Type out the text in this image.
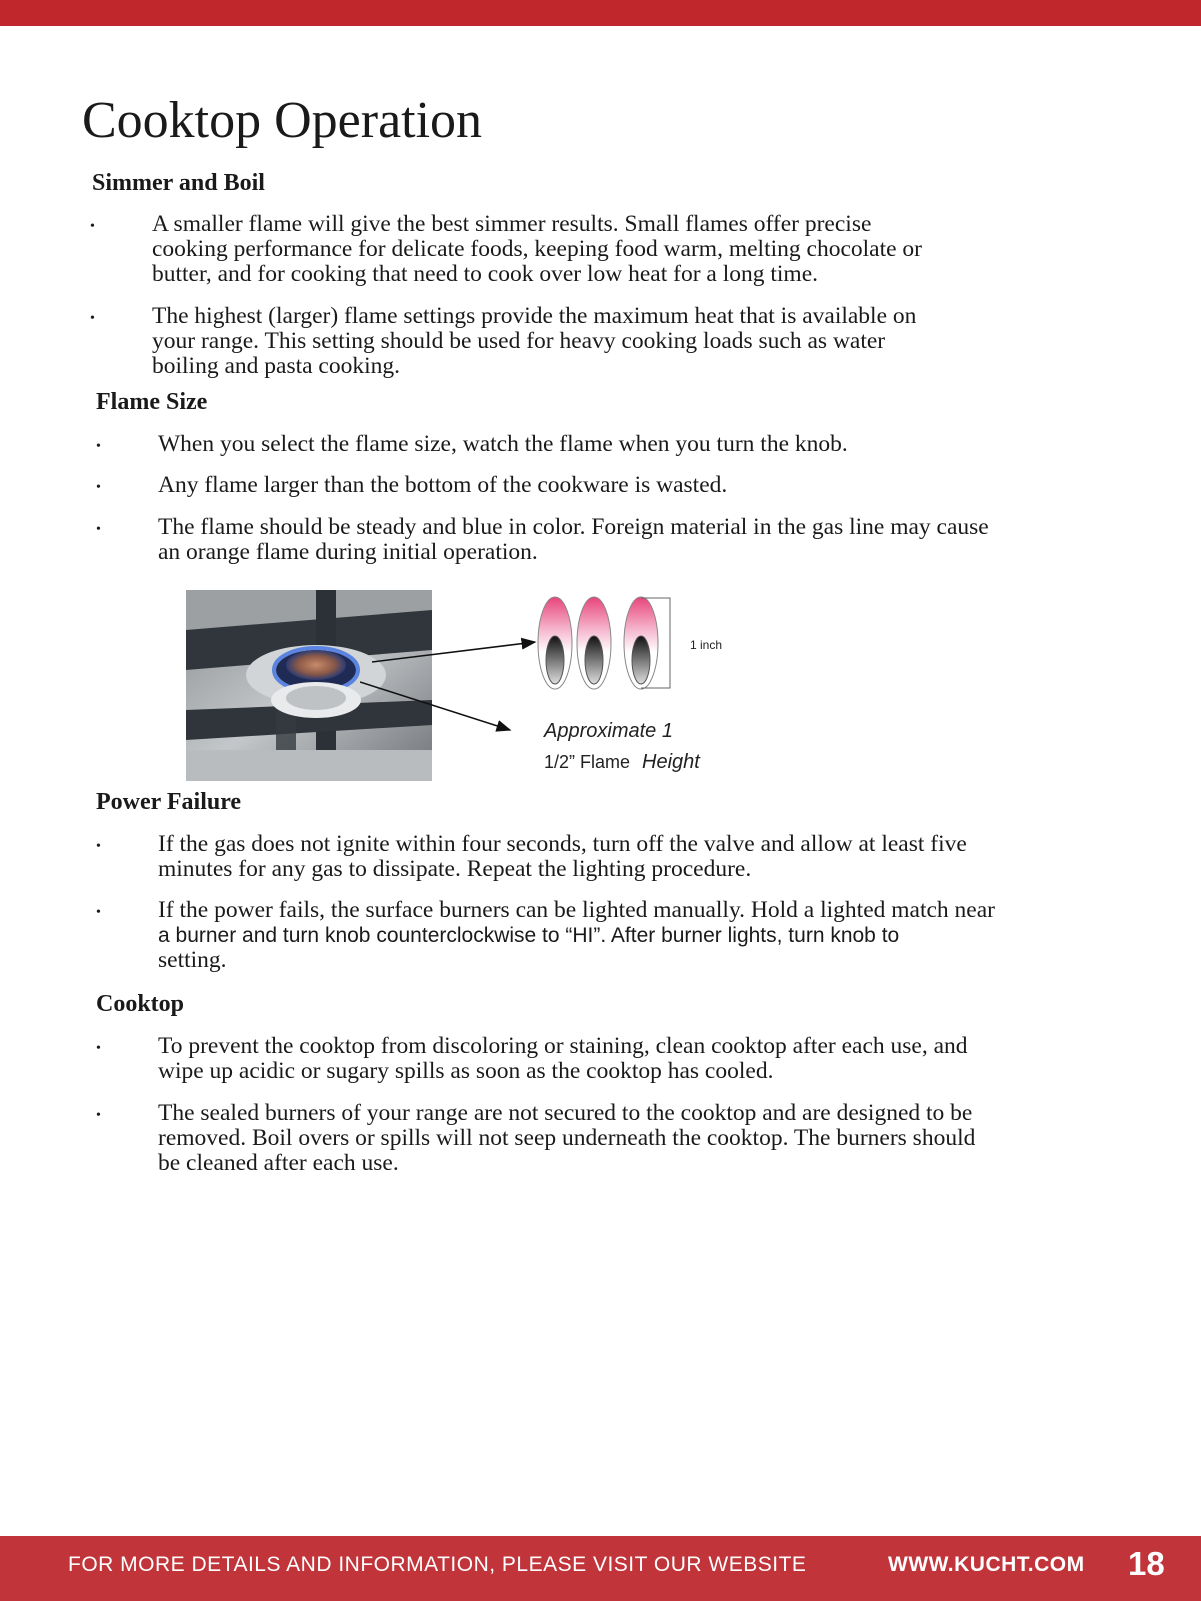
Cooktop Operation
Simmer and Boil
• A smaller flame will give the best simmer results. Small flames offer precise
cooking performance for delicate foods, keeping food warm, melting chocolate or
butter, and for cooking that need to cook over low heat for a long time.
• The highest (larger) flame settings provide the maximum heat that is available on
your range. This setting should be used for heavy cooking loads such as water
boiling and pasta cooking.
Flame Size
• When you select the flame size, watch the flame when you turn the knob.
• Any flame larger than the bottom of the cookware is wasted.
• The flame should be steady and blue in color. Foreign material in the gas line may cause
an orange flame during initial operation.
1 inch
Approximate 1
1/2” Flame Height
Power Failure
• If the gas does not ignite within four seconds, turn off the valve and allow at least five
minutes for any gas to dissipate. Repeat the lighting procedure.
• If the power fails, the surface burners can be lighted manually. Hold a lighted match near
a burner and turn knob counterclockwise to “HI”. After burner lights, turn knob to
setting.
Cooktop
• To prevent the cooktop from discoloring or staining, clean cooktop after each use, and
wipe up acidic or sugary spills as soon as the cooktop has cooled.
• The sealed burners of your range are not secured to the cooktop and are designed to be
removed. Boil overs or spills will not seep underneath the cooktop. The burners should
be cleaned after each use.
FOR MORE DETAILS AND INFORMATION, PLEASE VISIT OUR WEBSITE	WWW.KUCHT.COM 18
